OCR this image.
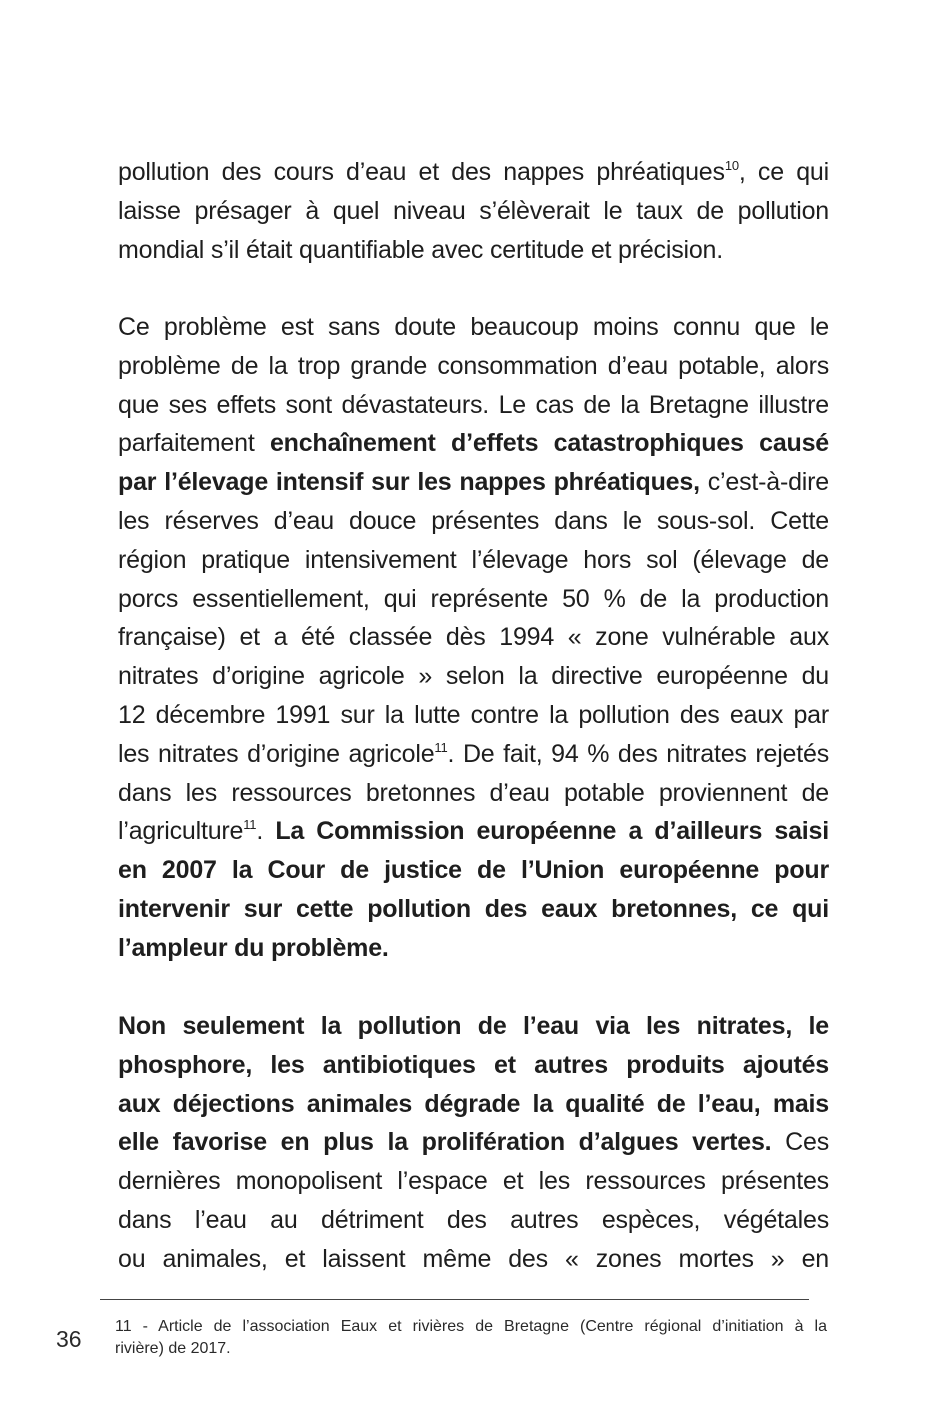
pollution des cours d’eau et des nappes phréatiques$^{10}$, ce qui
laisse présager à quel niveau s’élèverait le taux de pollution
mondial s’il était quantifiable avec certitude et précision.
Ce problème est sans doute beaucoup moins connu que le
problème de la trop grande consommation d’eau potable, alors
que ses effets sont dévastateurs. Le cas de la Bretagne illustre
parfaitement enchaînement d’effets catastrophiques causé
par l’élevage intensif sur les nappes phréatiques, c’est-à-dire
les réserves d’eau douce présentes dans le sous-sol. Cette
région pratique intensivement l’élevage hors sol (élevage de
porcs essentiellement, qui représente 50 % de la production
française) et a été classée dès 1994 « zone vulnérable aux
nitrates d’origine agricole » selon la directive européenne du
12 décembre 1991 sur la lutte contre la pollution des eaux par
les nitrates d’origine agricole$^{11}$. De fait, 94 % des nitrates rejetés
dans les ressources bretonnes d’eau potable proviennent de
l’agriculture$^{11}$. La Commission européenne a d’ailleurs saisi
en 2007 la Cour de justice de l’Union européenne pour
intervenir sur cette pollution des eaux bretonnes, ce qui
l’ampleur du problème.
Non seulement la pollution de l’eau via les nitrates, le
phosphore, les antibiotiques et autres produits ajoutés
aux déjections animales dégrade la qualité de l’eau, mais
elle favorise en plus la prolifération d’algues vertes. Ces
dernières monopolisent l’espace et les ressources présentes
dans l’eau au détriment des autres espèces, végétales
ou animales, et laissent même des « zones mortes » en
36 11 - Article de l’association Eaux et rivières de Bretagne (Centre régional d’initiation à la
rivière) de 2017.
